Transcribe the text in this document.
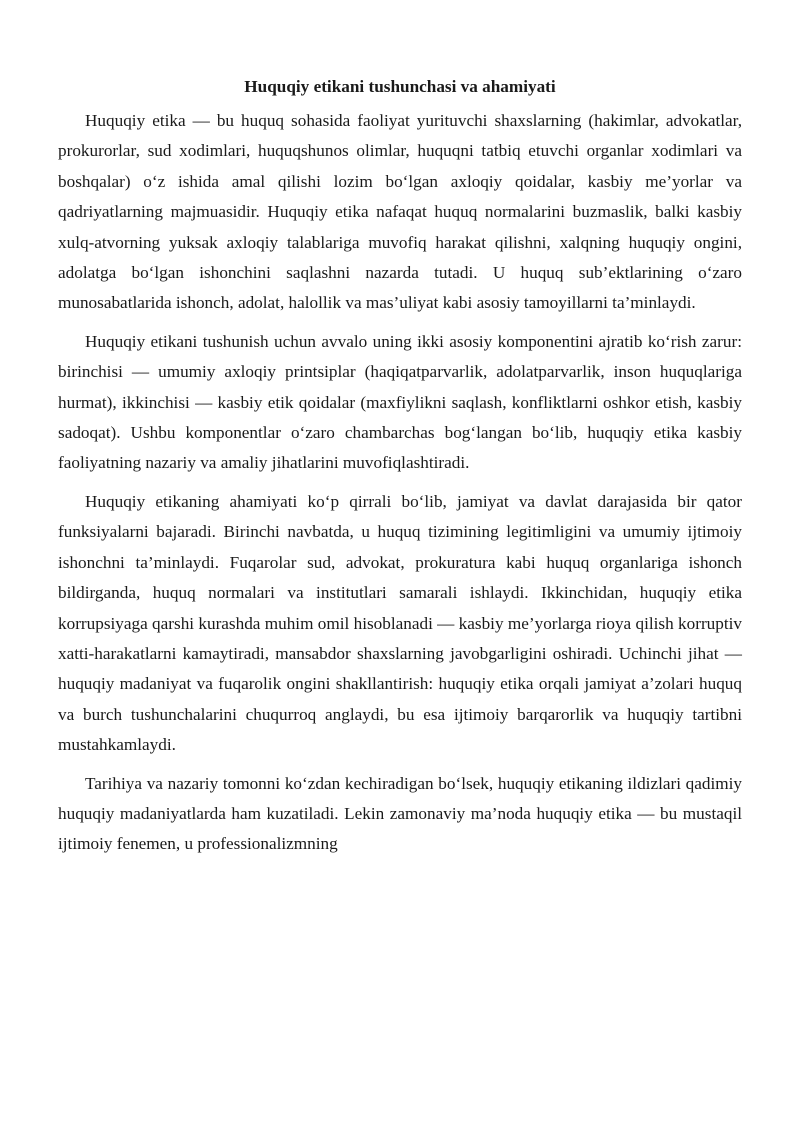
Huquqiy etikani tushunchasi va ahamiyati

Huquqiy etika — bu huquq sohasida faoliyat yurituvchi shaxslarning (hakimlar, advokatlar, prokurorlar, sud xodimlari, huquqshunos olimlar, huquqni tatbiq etuvchi organlar xodimlari va boshqalar) o‘z ishida amal qilishi lozim bo‘lgan axloqiy qoidalar, kasbiy me’yorlar va qadriyatlarning majmuasidir. Huquqiy etika nafaqat huquq normalarini buzmaslik, balki kasbiy xulq-atvorning yuksak axloqiy talablariga muvofiq harakat qilishni, xalqning huquqiy ongini, adolatga bo‘lgan ishonchini saqlashni nazarda tutadi. U huquq sub’ektlarining o‘zaro munosabatlarida ishonch, adolat, halollik va mas’uliyat kabi asosiy tamoyillarni ta’minlaydi.

Huquqiy etikani tushunish uchun avvalo uning ikki asosiy komponentini ajratib ko‘rish zarur: birinchisi — umumiy axloqiy printsiplar (haqiqatparvarlik, adolatparvarlik, inson huquqlariga hurmat), ikkinchisi — kasbiy etik qoidalar (maxfiylikni saqlash, konfliktlarni oshkor etish, kasbiy sadoqat). Ushbu komponentlar o‘zaro chambarchas bog‘langan bo‘lib, huquqiy etika kasbiy faoliyatning nazariy va amaliy jihatlarini muvofiqlashtiradi.

Huquqiy etikaning ahamiyati ko‘p qirrali bo‘lib, jamiyat va davlat darajasida bir qator funksiyalarni bajaradi. Birinchi navbatda, u huquq tizimining legitimligini va umumiy ijtimoiy ishonchni ta’minlaydi. Fuqarolar sud, advokat, prokuratura kabi huquq organlariga ishonch bildirganda, huquq normalari va institutlari samarali ishlaydi. Ikkinchidan, huquqiy etika korrupsiyaga qarshi kurashda muhim omil hisoblanadi — kasbiy me’yorlarga rioya qilish korruptiv xatti-harakatlarni kamaytiradi, mansabdor shaxslarning javobgarligini oshiradi. Uchinchi jihat — huquqiy madaniyat va fuqarolik ongini shakllantirish: huquqiy etika orqali jamiyat a’zolari huquq va burch tushunchalarini chuqurroq anglaydi, bu esa ijtimoiy barqarorlik va huquqiy tartibni mustahkamlaydi.

Tarihiya va nazariy tomonni ko‘zdan kechiradigan bo‘lsek, huquqiy etikaning ildizlari qadimiy huquqiy madaniyatlarda ham kuzatiladi. Lekin zamonaviy ma’noda huquqiy etika — bu mustaqil ijtimoiy fenemen, u professionalizmning
